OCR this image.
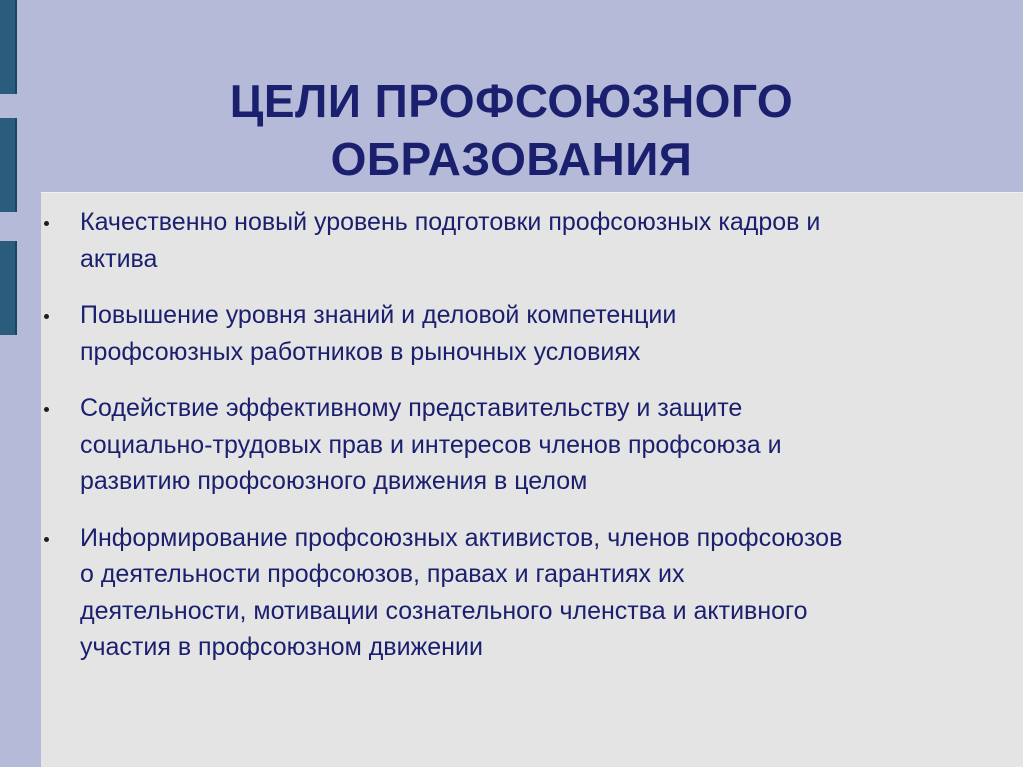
ЦЕЛИ ПРОФСОЮЗНОГО
ОБРАЗОВАНИЯ
Качественно новый уровень подготовки профсоюзных кадров и
актива
Повышение уровня знаний и деловой компетенции
профсоюзных работников в рыночных условиях
Содействие эффективному представительству и защите
социально-трудовых прав и интересов членов профсоюза и
развитию профсоюзного движения в целом
Информирование профсоюзных активистов, членов профсоюзов
о деятельности профсоюзов, правах и гарантиях их
деятельности, мотивации сознательного членства и активного
участия в профсоюзном движении
